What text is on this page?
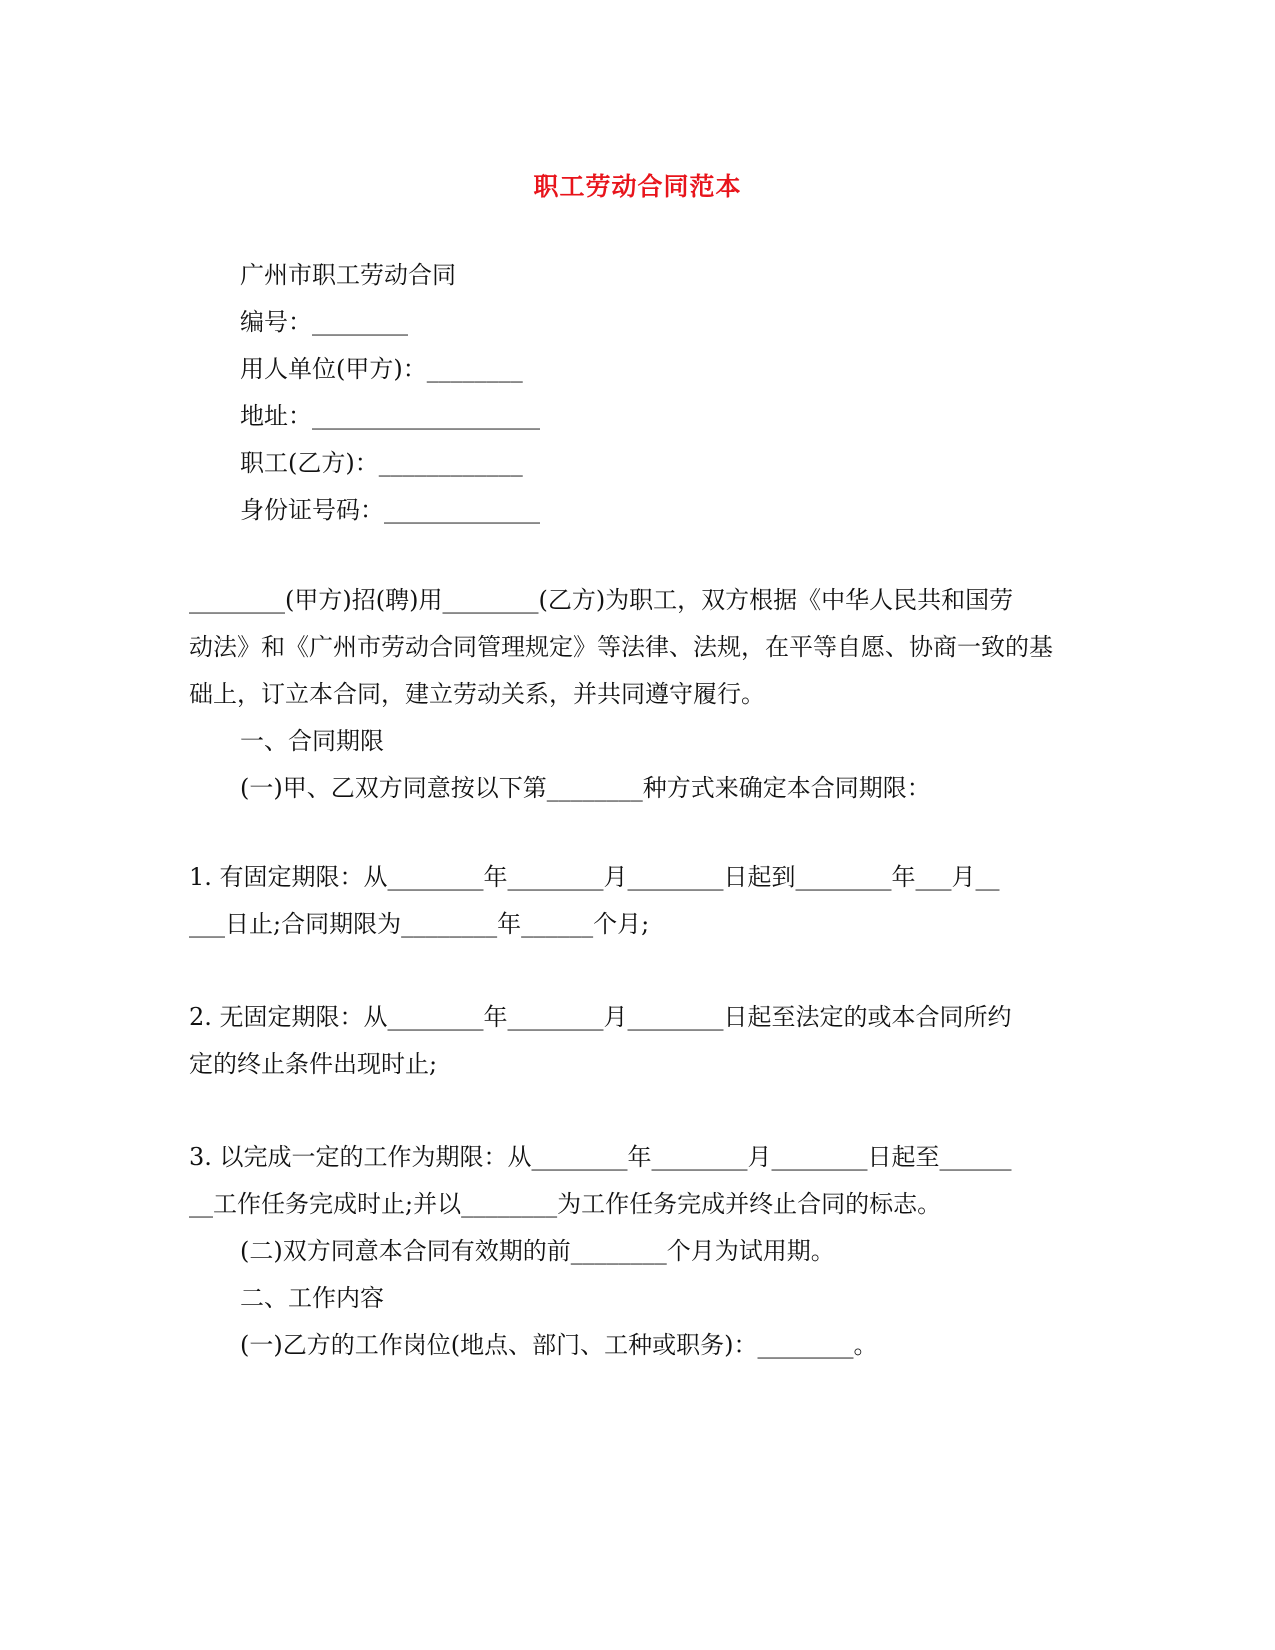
职工劳动合同范本
广州市职工劳动合同
编号：________
用人单位(甲方)：________
地址：___________________
职工(乙方)：____________
身份证号码：_____________
________(甲方)招(聘)用________(乙方)为职工，双方根据《中华人民共和国劳
动法》和《广州市劳动合同管理规定》等法律、法规，在平等自愿、协商一致的基
础上，订立本合同，建立劳动关系，并共同遵守履行。
一、合同期限
(一)甲、乙双方同意按以下第________种方式来确定本合同期限：
1. 有固定期限：从________年________月________日起到________年___月__
___日止;合同期限为________年______个月;
2. 无固定期限：从________年________月________日起至法定的或本合同所约
定的终止条件出现时止;
3. 以完成一定的工作为期限：从________年________月________日起至______
__工作任务完成时止;并以________为工作任务完成并终止合同的标志。
(二)双方同意本合同有效期的前________个月为试用期。
二、工作内容
(一)乙方的工作岗位(地点、部门、工种或职务)：________。
